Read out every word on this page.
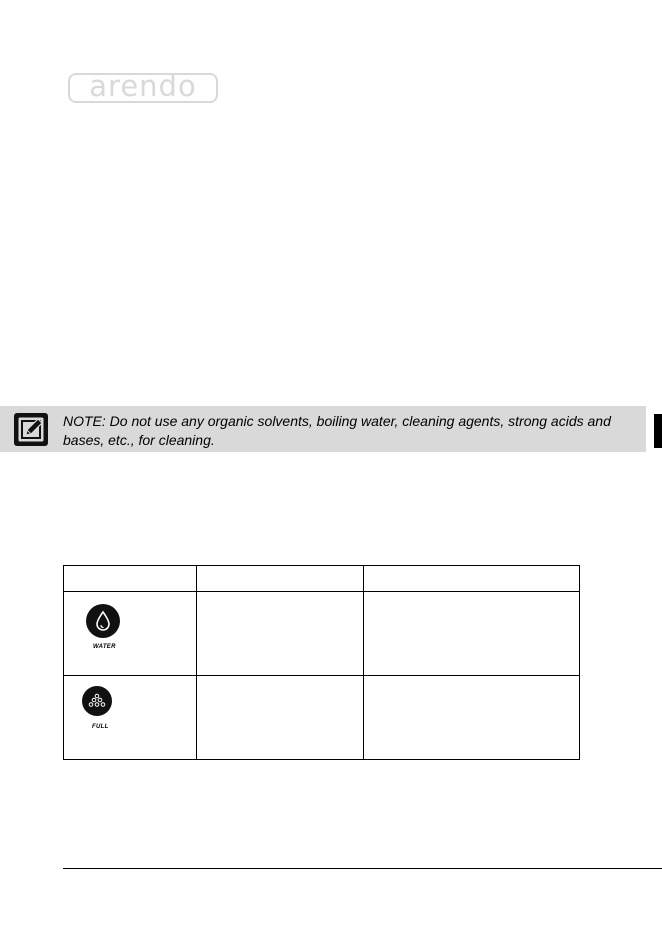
arendo
NOTE: Do not use any organic solvents, boiling water, cleaning agents, strong acids and bases, etc., for cleaning.

WATER		

FULL		
